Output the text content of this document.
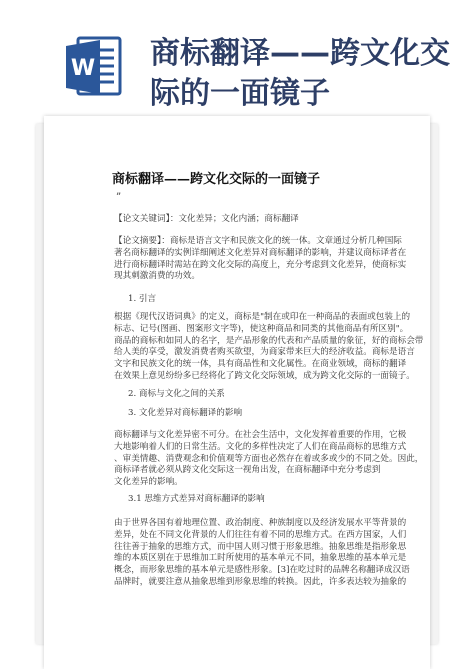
W 商标翻译——跨文化交
际的一面镜子
商标翻译——跨文化交际的一面镜子
”
【论文关键词】：文化差异；文化内涵；商标翻译
【论文摘要】：商标是语言文字和民族文化的统一体。文章通过分析几种国际
著名商标翻译的实例详细阐述文化差异对商标翻译的影响，并建议商标译者在
进行商标翻译时需站在跨文化交际的高度上，充分考虑到文化差异，使商标实
现其刺激消费的功效。
1. 引言
根据《现代汉语词典》的定义，商标是"制在或印在一种商品的表面或包装上的
标志、记号(图画、图案形文字等)，使这种商品和同类的其他商品有所区别"。
商品的商标和如同人的名字，是产品形象的代表和产品质量的象征，好的商标会带
给人美的享受，激发消费者购买欲望，为商家带来巨大的经济收益。商标是语言
文字和民族文化的统一体，具有商品性和文化属性。在商业领域，商标的翻译
在效果上意见纷纷多已经将化了跨文化交际领域，成为跨文化交际的一面镜子。
2. 商标与文化之间的关系
3. 文化差异对商标翻译的影响
商标翻译与文化差异密不可分。在社会生活中，文化发挥着重要的作用，它极
大地影响着人们的日常生活。文化的多样性决定了人们在商品商标的思维方式
、审美情趣、消费观念和价值观等方面也必然存在着或多或少的不同之处。因此，
商标译者就必须从跨文化交际这一视角出发，在商标翻译中充分考虑到
文化差异的影响。
3.1 思维方式差异对商标翻译的影响
由于世界各国有着地理位置、政治制度、种族制度以及经济发展水平等背景的
差异，处在不同文化背景的人们往往有着不同的思维方式。在西方国家，人们
往往善于抽象的思维方式，而中国人则习惯于形象思维。抽象思维是指形象思
维的本质区别在于思维加工时所使用的基本单元不同，抽象思维的基本单元是
概念，而形象思维的基本单元是感性形象。[3]在吃过时的品牌名称翻译成汉语
品牌时，就要注意从抽象思维到形象思维的转换。因此，许多表达较为抽象的
